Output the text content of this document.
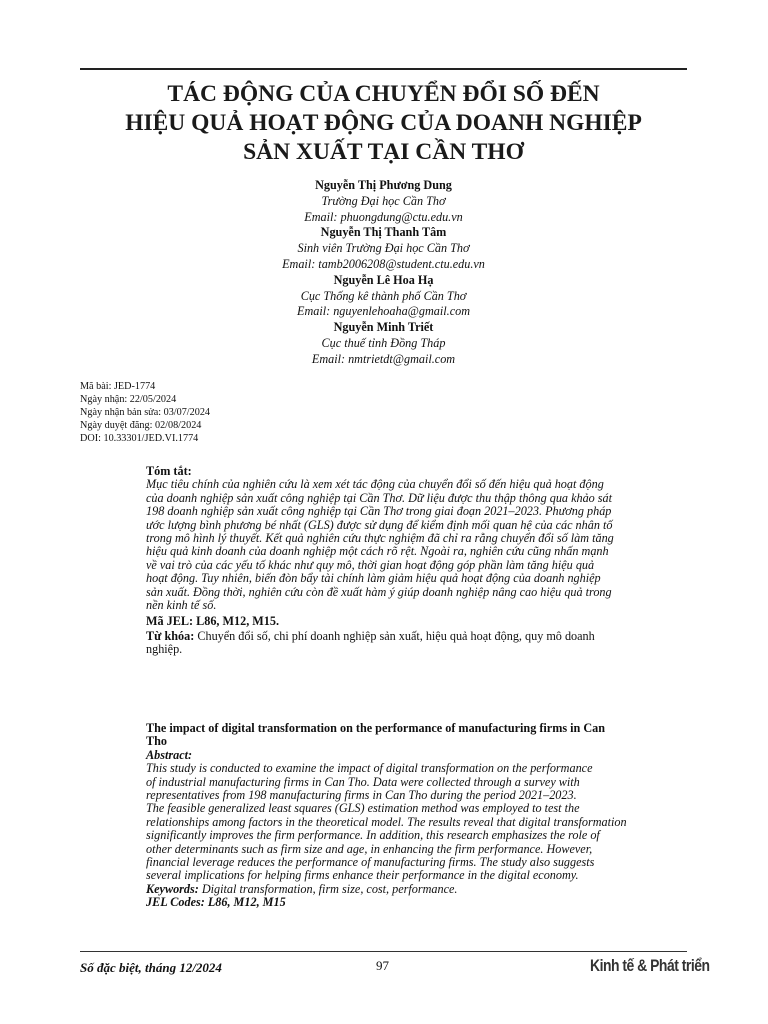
TÁC ĐỘNG CỦA CHUYỂN ĐỔI SỐ ĐẾN
HIỆU QUẢ HOẠT ĐỘNG CỦA DOANH NGHIỆP
SẢN XUẤT TẠI CẦN THƠ
Nguyễn Thị Phương Dung
Trường Đại học Cần Thơ
Email: phuongdung@ctu.edu.vn
Nguyễn Thị Thanh Tâm
Sinh viên Trường Đại học Cần Thơ
Email: tamb2006208@student.ctu.edu.vn
Nguyễn Lê Hoa Hạ
Cục Thống kê thành phố Cần Thơ
Email: nguyenlehoaha@gmail.com
Nguyễn Minh Triết
Cục thuế tỉnh Đồng Tháp
Email: nmtrietdt@gmail.com
Mã bài: JED-1774
Ngày nhận: 22/05/2024
Ngày nhận bản sửa: 03/07/2024
Ngày duyệt đăng: 02/08/2024
DOI: 10.33301/JED.VI.1774
Tóm tắt:
Mục tiêu chính của nghiên cứu là xem xét tác động của chuyển đổi số đến hiệu quả hoạt động
của doanh nghiệp sản xuất công nghiệp tại Cần Thơ. Dữ liệu được thu thập thông qua khảo sát
198 doanh nghiệp sản xuất công nghiệp tại Cần Thơ trong giai đoạn 2021–2023. Phương pháp
ước lượng bình phương bé nhất (GLS) được sử dụng để kiểm định mối quan hệ của các nhân tố
trong mô hình lý thuyết. Kết quả nghiên cứu thực nghiệm đã chỉ ra rằng chuyển đổi số làm tăng
hiệu quả kinh doanh của doanh nghiệp một cách rõ rệt. Ngoài ra, nghiên cứu cũng nhấn mạnh
về vai trò của các yếu tố khác như quy mô, thời gian hoạt động góp phần làm tăng hiệu quả
hoạt động. Tuy nhiên, biến đòn bẩy tài chính làm giảm hiệu quả hoạt động của doanh nghiệp
sản xuất. Đồng thời, nghiên cứu còn đề xuất hàm ý giúp doanh nghiệp nâng cao hiệu quả trong
nền kinh tế số.
Mã JEL: L86, M12, M15.
Từ khóa: Chuyển đổi số, chi phí doanh nghiệp sản xuất, hiệu quả hoạt động, quy mô doanh
nghiệp.
The impact of digital transformation on the performance of manufacturing firms in Can
Tho
Abstract:
This study is conducted to examine the impact of digital transformation on the performance
of industrial manufacturing firms in Can Tho. Data were collected through a survey with
representatives from 198 manufacturing firms in Can Tho during the period 2021–2023.
The feasible generalized least squares (GLS) estimation method was employed to test the
relationships among factors in the theoretical model. The results reveal that digital transformation
significantly improves the firm performance. In addition, this research emphasizes the role of
other determinants such as firm size and age, in enhancing the firm performance. However,
financial leverage reduces the performance of manufacturing firms. The study also suggests
several implications for helping firms enhance their performance in the digital economy.
Keywords: Digital transformation, firm size, cost, performance.
JEL Codes: L86, M12, M15
Số đặc biệt, tháng 12/2024	97	Kinh tế & Phát triển
